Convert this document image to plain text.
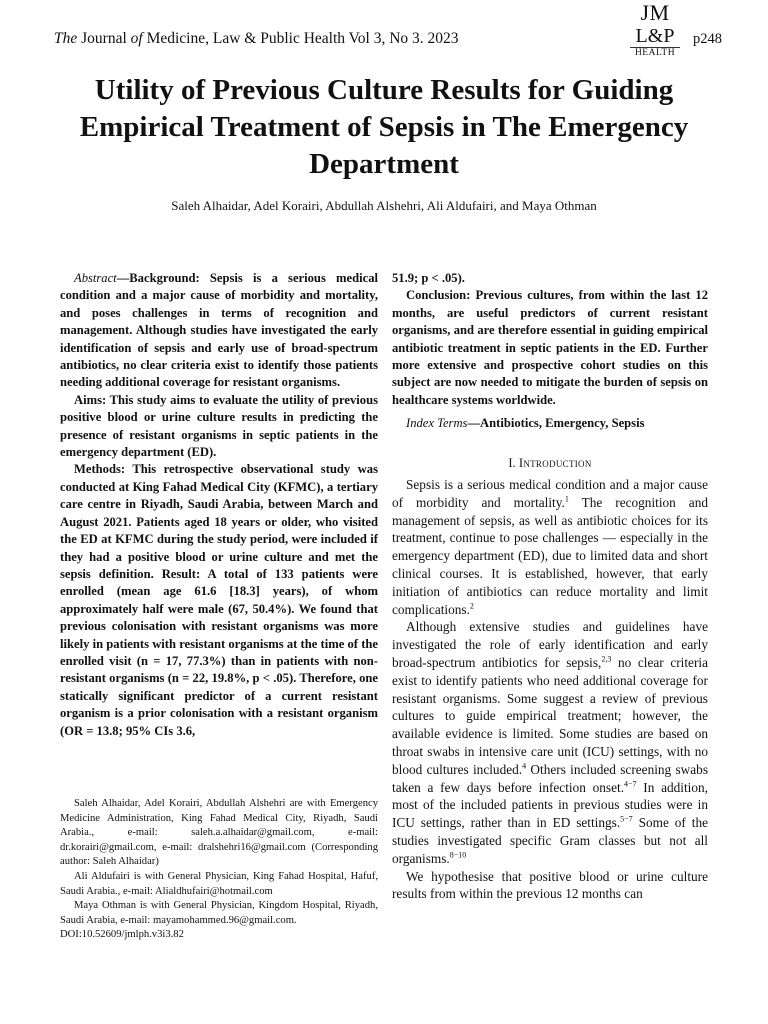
The Journal of Medicine, Law & Public Health Vol 3, No 3. 2023
JM
L&P
HEALTH
p248
Utility of Previous Culture Results for Guiding Empirical Treatment of Sepsis in The Emergency Department
Saleh Alhaidar, Adel Korairi, Abdullah Alshehri, Ali Aldufairi, and Maya Othman

Abstract—Background: Sepsis is a serious medical condition and a major cause of morbidity and mortality, and poses challenges in terms of recognition and management. Although studies have investigated the early identification of sepsis and early use of broad-spectrum antibiotics, no clear criteria exist to identify those patients needing additional coverage for resistant organisms.

Aims: This study aims to evaluate the utility of previous positive blood or urine culture results in predicting the presence of resistant organisms in septic patients in the emergency department (ED).

Methods: This retrospective observational study was conducted at King Fahad Medical City (KFMC), a tertiary care centre in Riyadh, Saudi Arabia, between March and August 2021. Patients aged 18 years or older, who visited the ED at KFMC during the study period, were included if they had a positive blood or urine culture and met the sepsis definition. Result: A total of 133 patients were enrolled (mean age 61.6 [18.3] years), of whom approximately half were male (67, 50.4%). We found that previous colonisation with resistant organisms was more likely in patients with resistant organisms at the time of the enrolled visit (n = 17, 77.3%) than in patients with non-resistant organisms (n = 22, 19.8%, p < .05). Therefore, one statically significant predictor of a current resistant organism is a prior colonisation with a resistant organism (OR = 13.8; 95% CIs 3.6,

51.9; p < .05).

Conclusion: Previous cultures, from within the last 12 months, are useful predictors of current resistant organisms, and are therefore essential in guiding empirical antibiotic treatment in septic patients in the ED. Further more extensive and prospective cohort studies on this subject are now needed to mitigate the burden of sepsis on healthcare systems worldwide.

Index Terms—Antibiotics, Emergency, Sepsis

I. Introduction

Sepsis is a serious medical condition and a major cause of morbidity and mortality.$^1$ The recognition and management of sepsis, as well as antibiotic choices for its treatment, continue to pose challenges — especially in the emergency department (ED), due to limited data and short clinical courses. It is established, however, that early initiation of antibiotics can reduce mortality and limit complications.$^2$

Although extensive studies and guidelines have investigated the role of early identification and early broad-spectrum antibiotics for sepsis,$^{2,3}$ no clear criteria exist to identify patients who need additional coverage for resistant organisms. Some suggest a review of previous cultures to guide empirical treatment; however, the available evidence is limited. Some studies are based on throat swabs in intensive care unit (ICU) settings, with no blood cultures included.$^4$ Others included screening swabs taken a few days before infection onset.$^{4-7}$ In addition, most of the included patients in previous studies were in ICU settings, rather than in ED settings.$^{5-7}$ Some of the studies investigated specific Gram classes but not all organisms.$^{8-10}$

We hypothesise that positive blood or urine culture results from within the previous 12 months can

Saleh Alhaidar, Adel Korairi, Abdullah Alshehri are with Emergency Medicine Administration, King Fahad Medical City, Riyadh, Saudi Arabia., e-mail: saleh.a.alhaidar@gmail.com, e-mail: dr.korairi@gmail.com, e-mail: dralshehri16@gmail.com (Corresponding author: Saleh Alhaidar)

Ali Aldufairi is with General Physician, King Fahad Hospital, Hafuf, Saudi Arabia., e-mail: Alialdhufairi@hotmail.com

Maya Othman is with General Physician, Kingdom Hospital, Riyadh, Saudi Arabia, e-mail: mayamohammed.96@gmail.com.

DOI:10.52609/jmlph.v3i3.82
